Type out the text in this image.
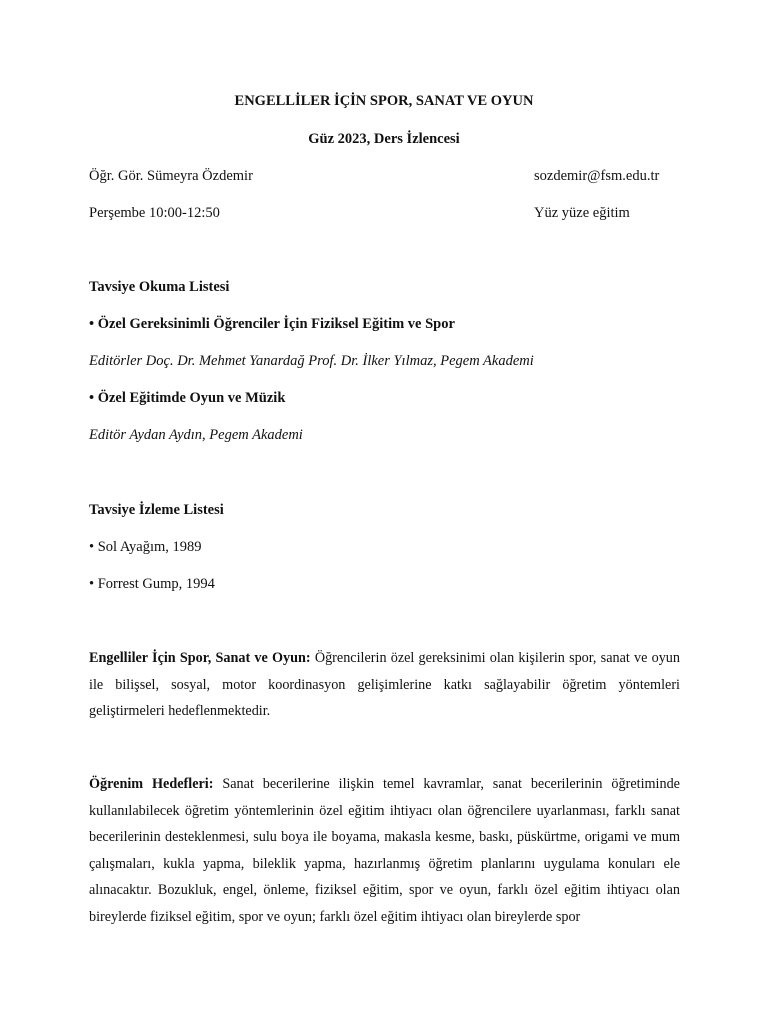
ENGELLİLER İÇİN SPOR, SANAT VE OYUN
Güz 2023, Ders İzlencesi
Öğr. Gör. Sümeyra Özdemir	sozdemir@fsm.edu.tr
Perşembe 10:00-12:50	Yüz yüze eğitim
Tavsiye Okuma Listesi
• Özel Gereksinimli Öğrenciler İçin Fiziksel Eğitim ve Spor
Editörler Doç. Dr. Mehmet Yanardağ Prof. Dr. İlker Yılmaz, Pegem Akademi
• Özel Eğitimde Oyun ve Müzik
Editör Aydan Aydın, Pegem Akademi
Tavsiye İzleme Listesi
• Sol Ayağım, 1989
• Forrest Gump, 1994
Engelliler İçin Spor, Sanat ve Oyun: Öğrencilerin özel gereksinimi olan kişilerin spor, sanat ve oyun ile bilişsel, sosyal, motor koordinasyon gelişimlerine katkı sağlayabilir öğretim yöntemleri geliştirmeleri hedeflenmektedir.
Öğrenim Hedefleri: Sanat becerilerine ilişkin temel kavramlar, sanat becerilerinin öğretiminde kullanılabilecek öğretim yöntemlerinin özel eğitim ihtiyacı olan öğrencilere uyarlanması, farklı sanat becerilerinin desteklenmesi, sulu boya ile boyama, makasla kesme, baskı, püskürtme, origami ve mum çalışmaları, kukla yapma, bileklik yapma, hazırlanmış öğretim planlarını uygulama konuları ele alınacaktır. Bozukluk, engel, önleme, fiziksel eğitim, spor ve oyun, farklı özel eğitim ihtiyacı olan bireylerde fiziksel eğitim, spor ve oyun; farklı özel eğitim ihtiyacı olan bireylerde spor
